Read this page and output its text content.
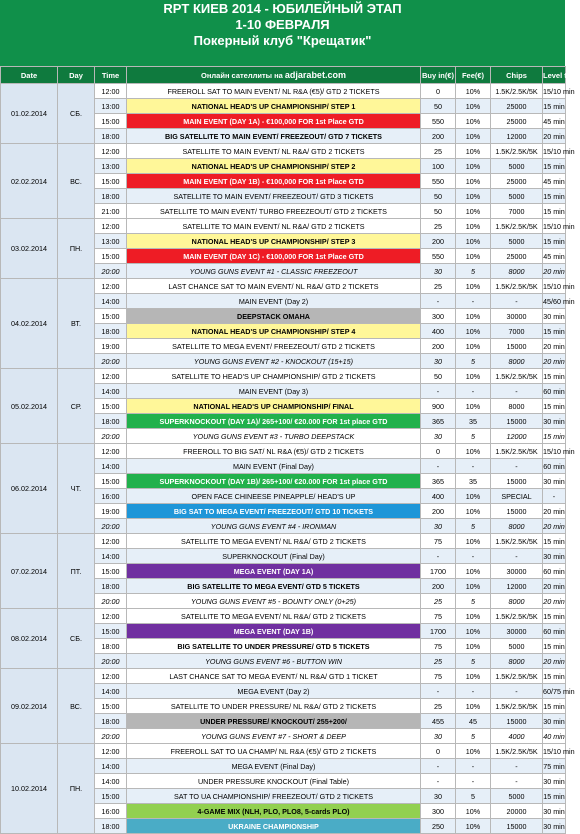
RPT КИЕВ 2014 - ЮБИЛЕЙНЫЙ ЭТАП
1-10 ФЕВРАЛЯ
Покерный клуб "Крещатик"
Date	Day	Time	Онлайн сателлиты на adjarabet.com	Buy in(€)	Fee(€)	Chips	Level time
01.02.2014	СБ.	12:00	FREEROLL SAT TO MAIN EVENT/ NL R&A (€5)/ GTD 2 TICKETS	0	10%	1.5K/2.5K/5K	15/10 min
		13:00	NATIONAL HEAD'S UP CHAMPIONSHIP/ STEP 1	50	10%	25000	15 min
		15:00	MAIN EVENT (DAY 1A) - €100,000 FOR 1st Place GTD	550	10%	25000	45 min
		18:00	BIG SATELLITE TO MAIN EVENT/ FREEZEOUT/ GTD 7 TICKETS	200	10%	12000	20 min
02.02.2014	ВС.	12:00	SATELLITE TO MAIN EVENT/ NL R&A/ GTD 2 TICKETS	25	10%	1.5K/2.5K/5K	15/10 min
		13:00	NATIONAL HEAD'S UP CHAMPIONSHIP/ STEP 2	100	10%	5000	15 min
		15:00	MAIN EVENT (DAY 1B) - €100,000 FOR 1st Place GTD	550	10%	25000	45 min
		18:00	SATELLITE TO MAIN EVENT/ FREEZEOUT/ GTD 3 TICKETS	50	10%	5000	15 min
		21:00	SATELLITE TO MAIN EVENT/ TURBO FREEZEOUT/ GTD 2 TICKETS	50	10%	7000	15 min
03.02.2014	ПН.	12:00	SATELLITE TO MAIN EVENT/ NL R&A/ GTD 2 TICKETS	25	10%	1.5K/2.5K/5K	15/10 min
		13:00	NATIONAL HEAD'S UP CHAMPIONSHIP/ STEP 3	200	10%	5000	15 min
		15:00	MAIN EVENT (DAY 1C) - €100,000 FOR 1st Place GTD	550	10%	25000	45 min
		20:00	YOUNG GUNS EVENT #1 - CLASSIC FREEZEOUT	30	5	8000	20 min
04.02.2014	ВТ.	12:00	LAST CHANCE SAT TO MAIN EVENT/ NL R&A/ GTD 2 TICKETS	25	10%	1.5K/2.5K/5K	15/10 min
		14:00	MAIN EVENT (Day 2)	-	-	-	45/60 min
		15:00	DEEPSTACK OMAHA	300	10%	30000	30 min
		18:00	NATIONAL HEAD'S UP CHAMPIONSHIP/ STEP 4	400	10%	7000	15 min
		19:00	SATELLITE TO MEGA EVENT/ FREEZEOUT/ GTD 2 TICKETS	200	10%	15000	20 min
		20:00	YOUNG GUNS EVENT #2 - KNOCKOUT (15+15)	30	5	8000	20 min
05.02.2014	СР.	12:00	SATELLITE TO HEAD'S UP CHAMPIONSHIP/ GTD 2 TICKETS	50	10%	1.5K/2.5K/5K	15 min
		14:00	MAIN EVENT (Day 3)	-	-	-	60 min
		15:00	NATIONAL HEAD'S UP CHAMPIONSHIP/ FINAL	900	10%	8000	15 min
		18:00	SUPERKNOCKOUT (DAY 1A)/ 265+100/ €20.000 FOR 1st place GTD	365	35	15000	30 min
		20:00	YOUNG GUNS EVENT #3 - TURBO DEEPSTACK	30	5	12000	15 min
06.02.2014	ЧТ.	12:00	FREEROLL TO BIG SAT/ NL R&A (€5)/ GTD 2 TICKETS	0	10%	1.5K/2.5K/5K	15/10 min
		14:00	MAIN EVENT (Final Day)	-	-	-	60 min
		15:00	SUPERKNOCKOUT (DAY 1B)/ 265+100/ €20.000 FOR 1st place GTD	365	35	15000	30 min
		16:00	OPEN FACE CHINEESE PINEAPPLE/ HEAD'S UP	400	10%	SPECIAL	-
		19:00	BIG SAT TO MEGA EVENT/ FREEZEOUT/ GTD 10 TICKETS	200	10%	15000	20 min
		20:00	YOUNG GUNS EVENT #4 - IRONMAN	30	5	8000	20 min
07.02.2014	ПТ.	12:00	SATELLITE TO MEGA EVENT/ NL R&A/ GTD 2 TICKETS	75	10%	1.5K/2.5K/5K	15 min
		14:00	SUPERKNOCKOUT (Final Day)	-	-	-	30 min
		15:00	MEGA EVENT (DAY 1A)	1700	10%	30000	60 min
		18:00	BIG SATELLITE TO MEGA EVENT/ GTD 5 TICKETS	200	10%	12000	20 min
		20:00	YOUNG GUNS EVENT #5 - BOUNTY ONLY (0+25)	25	5	8000	20 min
08.02.2014	СБ.	12:00	SATELLITE TO MEGA EVENT/ NL R&A/ GTD 2 TICKETS	75	10%	1.5K/2.5K/5K	15 min
		15:00	MEGA EVENT (DAY 1B)	1700	10%	30000	60 min
		18:00	BIG SATELLITE TO UNDER PRESSURE/ GTD 5 TICKETS	75	10%	5000	15 min
		20:00	YOUNG GUNS EVENT #6 - BUTTON WIN	25	5	8000	20 min
09.02.2014	ВС.	12:00	LAST CHANCE SAT TO MEGA EVENT/ NL R&A/ GTD 1 TICKET	75	10%	1.5K/2.5K/5K	15 min
		14:00	MEGA EVENT (Day 2)	-	-	-	60/75 min
		15:00	SATELLITE TO UNDER PRESSURE/ NL R&A/ GTD 2 TICKETS	25	10%	1.5K/2.5K/5K	15 min
		18:00	UNDER PRESSURE/ KNOCKOUT/ 255+200/	455	45	15000	30 min
		20:00	YOUNG GUNS EVENT #7 - SHORT & DEEP	30	5	4000	40 min
10.02.2014	ПН.	12:00	FREEROLL SAT TO UA CHAMP/ NL R&A (€5)/ GTD 2 TICKETS	0	10%	1.5K/2.5K/5K	15/10 min
		14:00	MEGA EVENT (Final Day)	-	-	-	75 min
		14:00	UNDER PRESSURE KNOCKOUT (Final Table)	-	-	-	30 min
		15:00	SAT TO UA CHAMPIONSHIP/ FREEZEOUT/ GTD 2 TICKETS	30	5	5000	15 min
		16:00	4-GAME MIX (NLH, PLO, PLO8, 5-cards PLO)	300	10%	20000	30 min
		18:00	UKRAINE CHAMPIONSHIP	250	10%	15000	30 min
